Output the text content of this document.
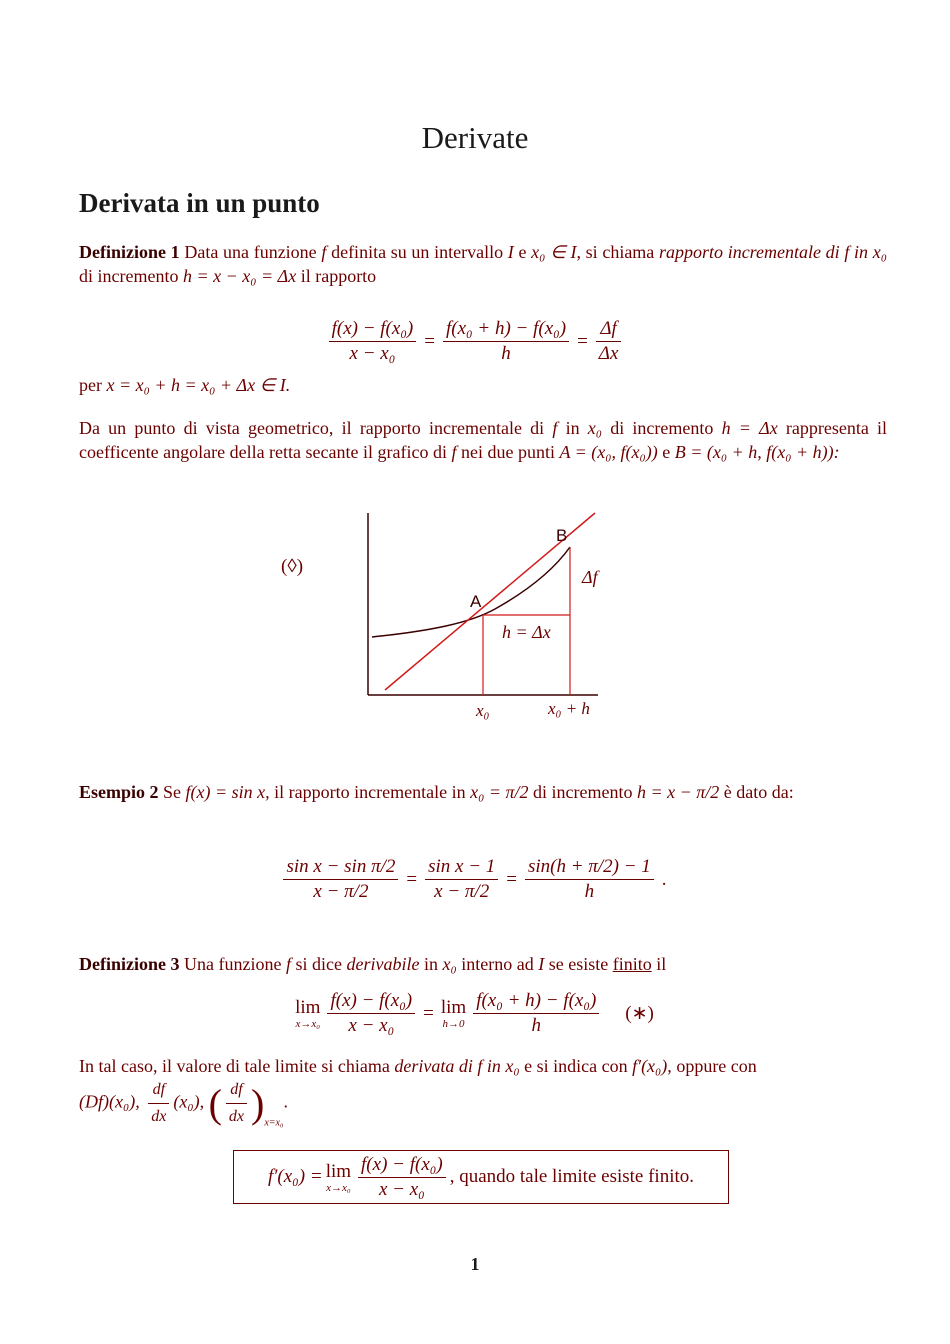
Derivate
Derivata in un punto
Definizione 1 Data una funzione f definita su un intervallo I e x₀ ∈ I, si chiama rapporto incrementale di f in x₀ di incremento h = x − x₀ = Δx il rapporto
$\frac{\text{f(x) − f(x₀)}}{\text{x − x₀}} = \frac{\text{f(x₀ + h) − f(x₀)}}{h} = \frac{\Delta f}{\Delta x}$
per x = x₀ + h = x₀ + Δx ∈ I.
Da un punto di vista geometrico, il rapporto incrementale di f in x₀ di incremento h = Δx rappresenta il coefficente angolare della retta secante il grafico di f nei due punti A = (x₀, f(x₀)) e B = (x₀ + h, f(x₀ + h)):
(◊)
A
B
Δf
h = Δx
x₀	x₀ + h
Esempio 2 Se f(x) = sin x, il rapporto incrementale in x₀ = π/2 di incremento h = x − π/2 è dato da:
$\frac{\text{sin x − sin π/2}}{x - \pi/2} = \frac{\text{sin x − 1}}{x - \pi/2} = \frac{\sin(h + \pi/2) - 1}{h}$ .
Definizione 3 Una funzione f si dice derivabile in x₀ interno ad I se esiste finito il
lim
$x\to x_0 \frac{\text{f(x) − f(x₀)}}{\text{x − x₀}} = \lim$
$h\to 0 \frac{\text{f(x₀ + h) − f(x₀)}}{h}$ (∗)
In tal caso, il valore di tale limite si chiama derivata di f in x₀ e si indica con f′(x₀), oppure con
(Df)(x₀), $\frac{df}{dx} (x_0)$, ( $\frac{df}{dx} )_{x=x_0}$.
f′(x₀) = lim
$x\to x_0 \frac{\text{f(x) − f(x₀)}}{\text{x − x₀}}$ , quando tale limite esiste finito.
1
